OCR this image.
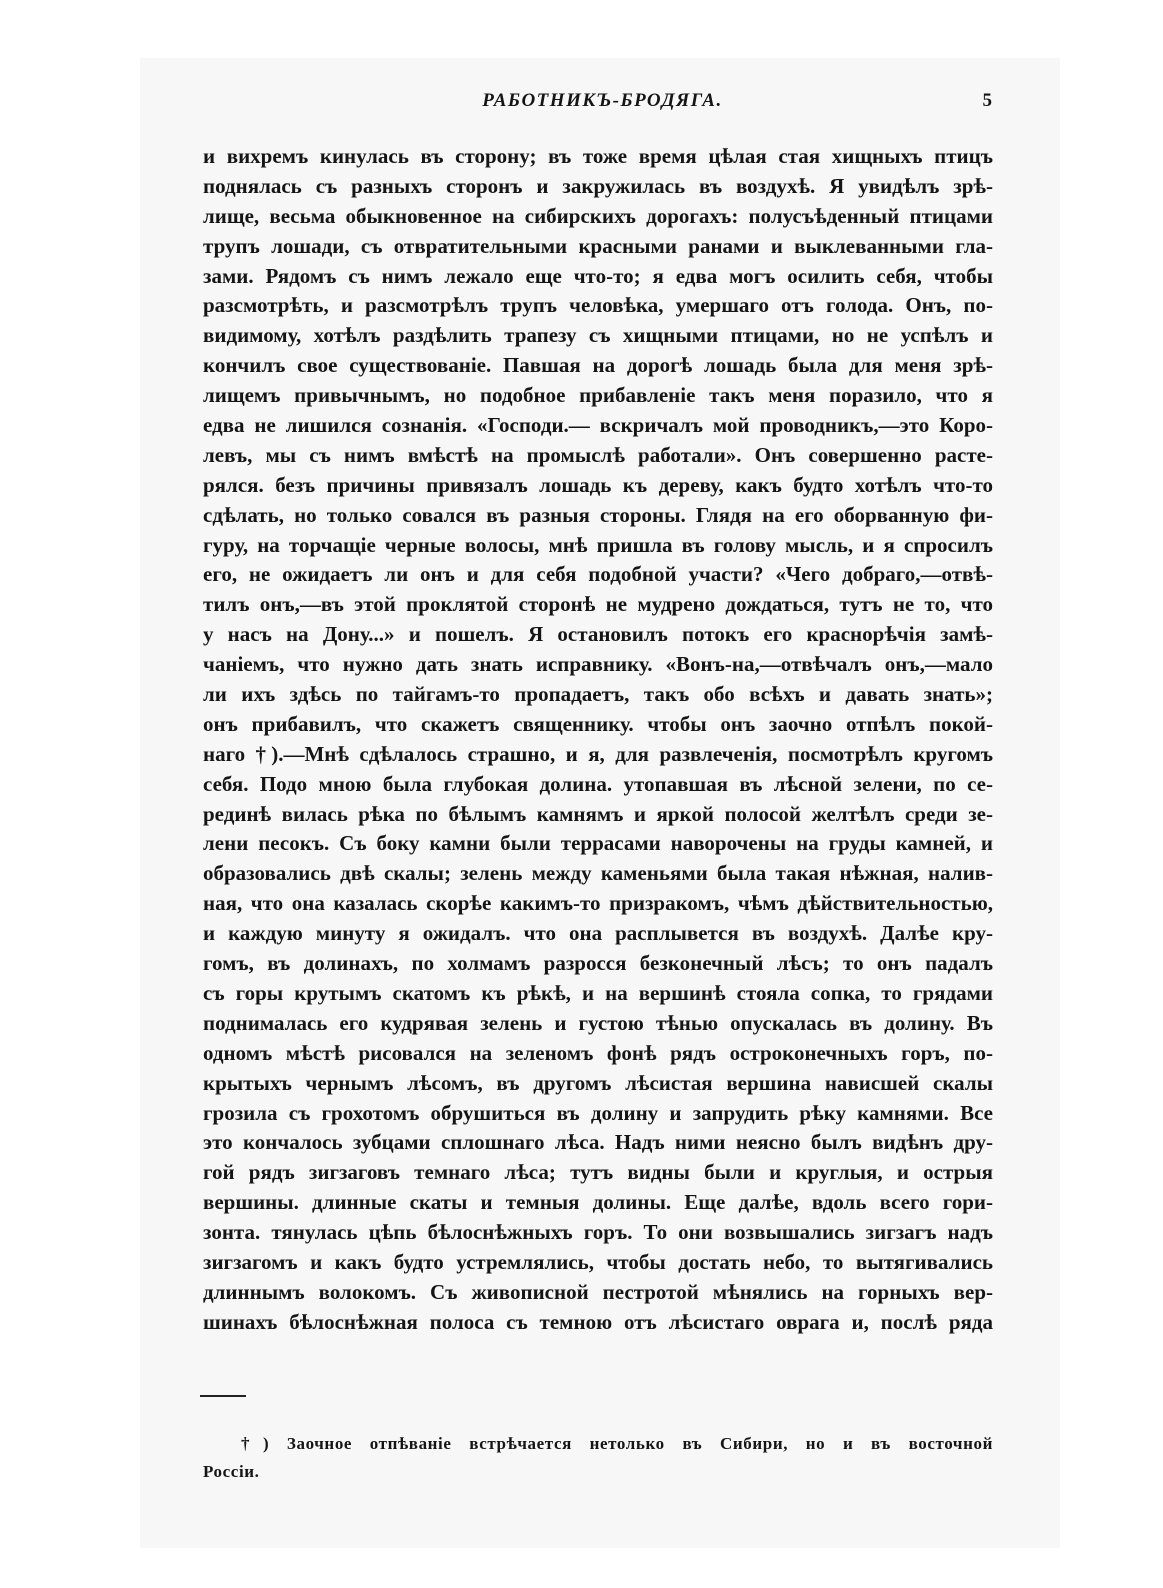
РАБОТНИКЪ-БРОДЯГА.	5
и вихремъ кинулась въ сторону; въ тоже время цѣлая стая хищныхъ птицъ
поднялась съ разныхъ сторонъ и закружилась въ воздухѣ. Я увидѣлъ зрѣ-
лище, весьма обыкновенное на сибирскихъ дорогахъ: полусъѣденный птицами
трупъ лошади, съ отвратительными красными ранами и выклеванными гла-
зами. Рядомъ съ нимъ лежало еще что-то; я едва могъ осилить себя, чтобы
разсмотрѣть, и разсмотрѣлъ трупъ человѣка, умершаго отъ голода. Онъ, по-
видимому, хотѣлъ раздѣлить трапезу съ хищными птицами, но не успѣлъ и
кончилъ свое существованіе. Павшая на дорогѣ лошадь была для меня зрѣ-
лищемъ привычнымъ, но подобное прибавленіе такъ меня поразило, что я
едва не лишился сознанія. «Господи.— вскричалъ мой проводникъ,—это Коро-
левъ, мы съ нимъ вмѣстѣ на промыслѣ работали». Онъ совершенно расте-
рялся. безъ причины привязалъ лошадь къ дереву, какъ будто хотѣлъ что-то
сдѣлать, но только совался въ разныя стороны. Глядя на его оборванную фи-
гуру, на торчащіе черные волосы, мнѣ пришла въ голову мысль, и я спросилъ
его, не ожидаетъ ли онъ и для себя подобной участи? «Чего добраго,—отвѣ-
тилъ онъ,—въ этой проклятой сторонѣ не мудрено дождаться, тутъ не то, что
у насъ на Дону...» и пошелъ. Я остановилъ потокъ его краснорѣчія замѣ-
чаніемъ, что нужно дать знать исправнику. «Вонъ-на,—отвѣчалъ онъ,—мало
ли ихъ здѣсь по тайгамъ-то пропадаетъ, такъ обо всѣхъ и давать знать»;
онъ прибавилъ, что скажетъ священнику. чтобы онъ заочно отпѣлъ покой-
наго †).—Мнѣ сдѣлалось страшно, и я, для развлеченія, посмотрѣлъ кругомъ
себя. Подо мною была глубокая долина. утопавшая въ лѣсной зелени, по се-
рединѣ вилась рѣка по бѣлымъ камнямъ и яркой полосой желтѣлъ среди зе-
лени песокъ. Съ боку камни были террасами наворочены на груды камней, и
образовались двѣ скалы; зелень между каменьями была такая нѣжная, налив-
ная, что она казалась скорѣе какимъ-то призракомъ, чѣмъ дѣйствительностью,
и каждую минуту я ожидалъ. что она расплывется въ воздухѣ. Далѣе кру-
гомъ, въ долинахъ, по холмамъ разросся безконечный лѣсъ; то онъ падалъ
съ горы крутымъ скатомъ къ рѣкѣ, и на вершинѣ стояла сопка, то грядами
поднималась его кудрявая зелень и густою тѣнью опускалась въ долину. Въ
одномъ мѣстѣ рисовался на зеленомъ фонѣ рядъ остроконечныхъ горъ, по-
крытыхъ чернымъ лѣсомъ, въ другомъ лѣсистая вершина нависшей скалы
грозила съ грохотомъ обрушиться въ долину и запрудить рѣку камнями. Все
это кончалось зубцами сплошнаго лѣса. Надъ ними неясно былъ видѣнъ дру-
гой рядъ зигзаговъ темнаго лѣса; тутъ видны были и круглыя, и острыя
вершины. длинные скаты и темныя долины. Еще далѣе, вдоль всего гори-
зонта. тянулась цѣпь бѣлоснѣжныхъ горъ. То они возвышались зигзагъ надъ
зигзагомъ и какъ будто устремлялись, чтобы достать небо, то вытягивались
длиннымъ волокомъ. Съ живописной пестротой мѣнялись на горныхъ вер-
шинахъ бѣлоснѣжная полоса съ темною отъ лѣсистаго оврага и, послѣ ряда
†) Заочное отпѣваніе встрѣчается нетолько въ Сибири, но и въ восточной
Россіи.
